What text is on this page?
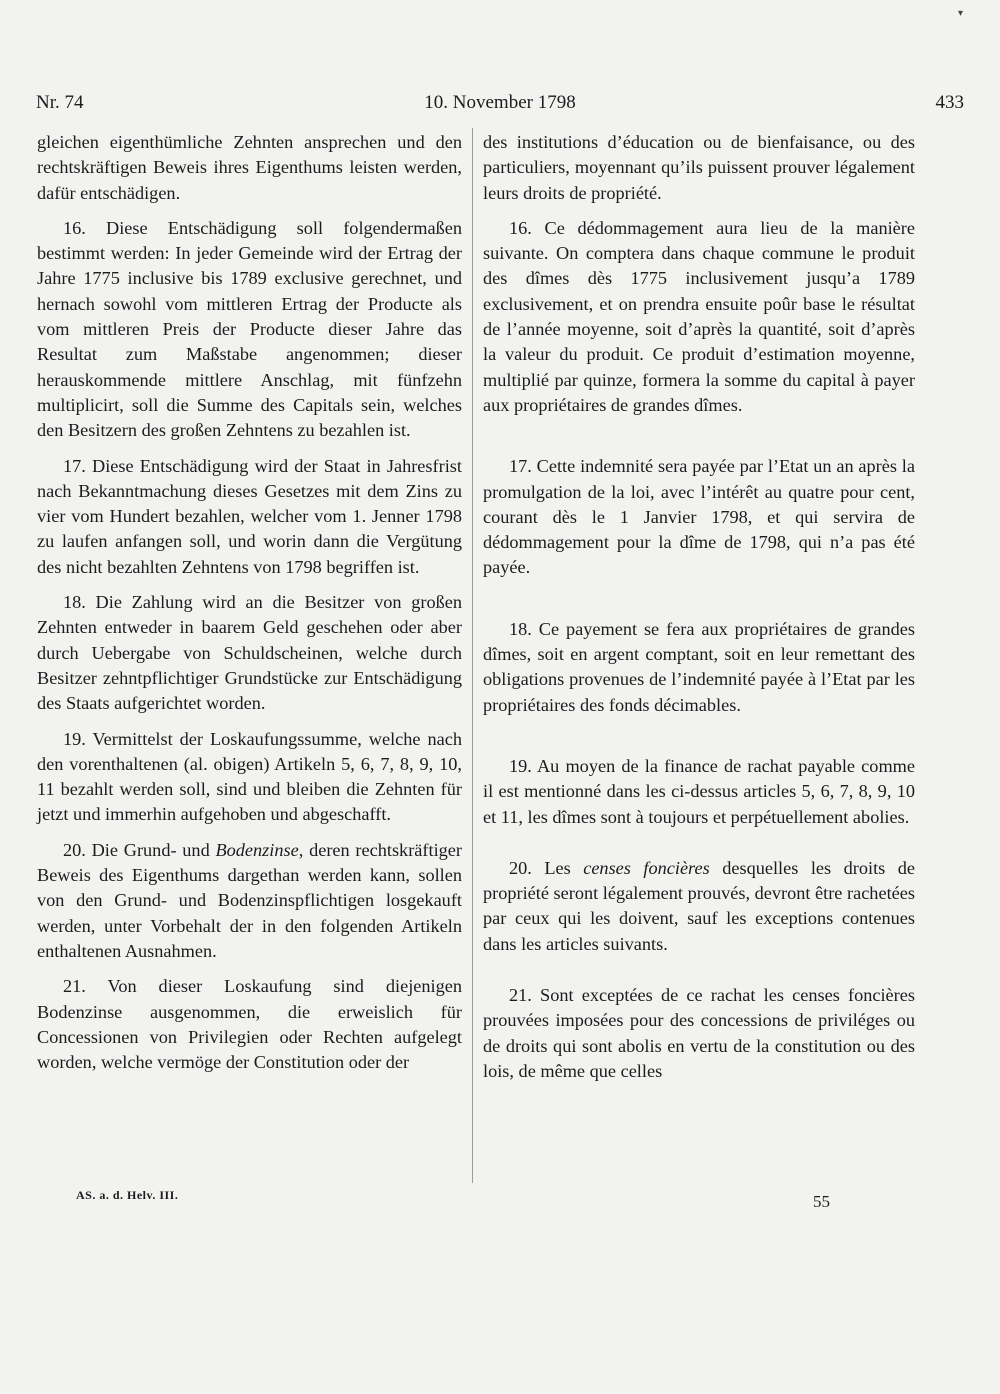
▾
Nr. 74	10. November 1798	433

gleichen eigenthümliche Zehnten ansprechen und den rechtskräftigen Beweis ihres Eigenthums leisten werden, dafür entschädigen.

16. Diese Entschädigung soll folgendermaßen bestimmt werden: In jeder Gemeinde wird der Ertrag der Jahre 1775 inclusive bis 1789 exclusive gerechnet, und hernach sowohl vom mittleren Ertrag der Producte als vom mittleren Preis der Producte dieser Jahre das Resultat zum Maßstabe angenommen; dieser herauskommende mittlere Anschlag, mit fünfzehn multiplicirt, soll die Summe des Capitals sein, welches den Besitzern des großen Zehntens zu bezahlen ist.

17. Diese Entschädigung wird der Staat in Jahresfrist nach Bekanntmachung dieses Gesetzes mit dem Zins zu vier vom Hundert bezahlen, welcher vom 1. Jenner 1798 zu laufen anfangen soll, und worin dann die Vergütung des nicht bezahlten Zehntens von 1798 begriffen ist.

18. Die Zahlung wird an die Besitzer von großen Zehnten entweder in baarem Geld geschehen oder aber durch Uebergabe von Schuldscheinen, welche durch Besitzer zehntpflichtiger Grundstücke zur Entschädigung des Staats aufgerichtet worden.

19. Vermittelst der Loskaufungssumme, welche nach den vorenthaltenen (al. obigen) Artikeln 5, 6, 7, 8, 9, 10, 11 bezahlt werden soll, sind und bleiben die Zehnten für jetzt und immerhin aufgehoben und abgeschafft.

20. Die Grund- und Bodenzinse, deren rechtskräftiger Beweis des Eigenthums dargethan werden kann, sollen von den Grund- und Bodenzinspflichtigen losgekauft werden, unter Vorbehalt der in den folgenden Artikeln enthaltenen Ausnahmen.

21. Von dieser Loskaufung sind diejenigen Bodenzinse ausgenommen, die erweislich für Concessionen von Privilegien oder Rechten aufgelegt worden, welche vermöge der Constitution oder der

des institutions d’éducation ou de bienfaisance, ou des particuliers, moyennant qu’ils puissent prouver légalement leurs droits de propriété.

16. Ce dédommagement aura lieu de la manière suivante. On comptera dans chaque commune le produit des dîmes dès 1775 inclusivement jusqu’a 1789 exclusivement, et on prendra ensuite poûr base le résultat de l’année moyenne, soit d’après la quantité, soit d’après la valeur du produit. Ce produit d’estimation moyenne, multiplié par quinze, formera la somme du capital à payer aux propriétaires de grandes dîmes.

17. Cette indemnité sera payée par l’Etat un an après la promulgation de la loi, avec l’intérêt au quatre pour cent, courant dès le 1 Janvier 1798, et qui servira de dédommagement pour la dîme de 1798, qui n’a pas été payée.

18. Ce payement se fera aux propriétaires de grandes dîmes, soit en argent comptant, soit en leur remettant des obligations provenues de l’indemnité payée à l’Etat par les propriétaires des fonds décimables.

19. Au moyen de la finance de rachat payable comme il est mentionné dans les ci-dessus articles 5, 6, 7, 8, 9, 10 et 11, les dîmes sont à toujours et perpétuellement abolies.

20. Les censes foncières desquelles les droits de propriété seront légalement prouvés, devront être rachetées par ceux qui les doivent, sauf les exceptions contenues dans les articles suivants.

21. Sont exceptées de ce rachat les censes foncières prouvées imposées pour des concessions de priviléges ou de droits qui sont abolis en vertu de la constitution ou des lois, de même que celles

AS. a. d. Helv. III.	55
